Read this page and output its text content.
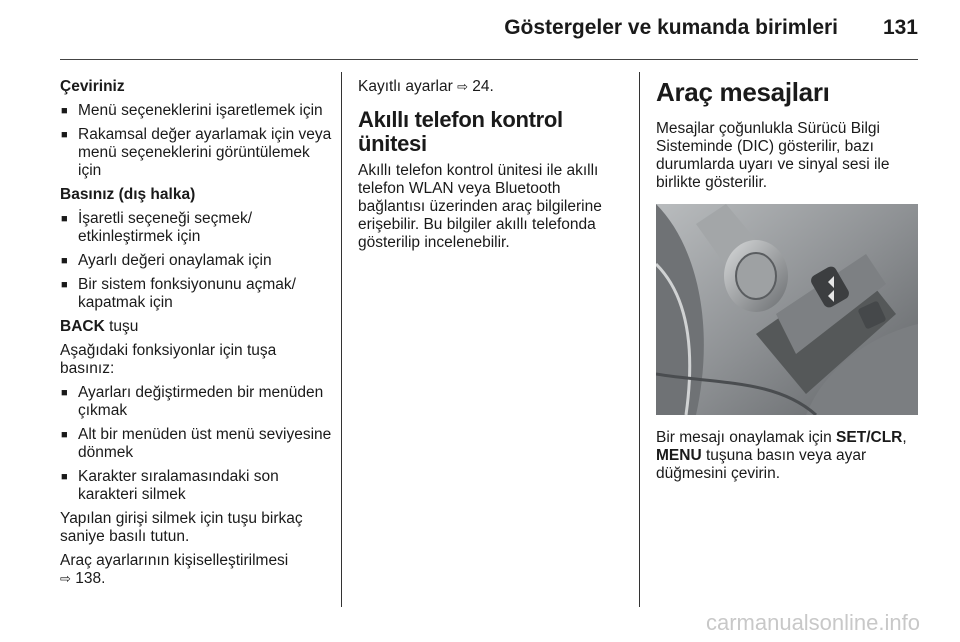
Göstergeler ve kumanda birimleri 131

Çeviriniz

■ Menü seçeneklerini işaretlemek için
■ Rakamsal değer ayarlamak için veya menü seçeneklerini görüntülemek için

Basınız (dış halka)

■ İşaretli seçeneği seçmek/ etkinleştirmek için
■ Ayarlı değeri onaylamak için
■ Bir sistem fonksiyonunu açmak/ kapatmak için

BACK tuşu

Aşağıdaki fonksiyonlar için tuşa basınız:

■ Ayarları değiştirmeden bir menüden çıkmak
■ Alt bir menüden üst menü seviyesine dönmek
■ Karakter sıralamasındaki son karakteri silmek

Yapılan girişi silmek için tuşu birkaç saniye basılı tutun.

Araç ayarlarının kişiselleştirilmesi
⇨ 138.

Kayıtlı ayarlar ⇨ 24.

Akıllı telefon kontrol ünitesi

Akıllı telefon kontrol ünitesi ile akıllı telefon WLAN veya Bluetooth bağlantısı üzerinden araç bilgilerine erişebilir. Bu bilgiler akıllı telefonda gösterilip incelenebilir.

Araç mesajları

Mesajlar çoğunlukla Sürücü Bilgi Sisteminde (DIC) gösterilir, bazı durumlarda uyarı ve sinyal sesi ile birlikte gösterilir.

Bir mesajı onaylamak için SET/CLR,
MENU tuşuna basın veya ayar düğmesini çevirin.

carmanualsonline.info
